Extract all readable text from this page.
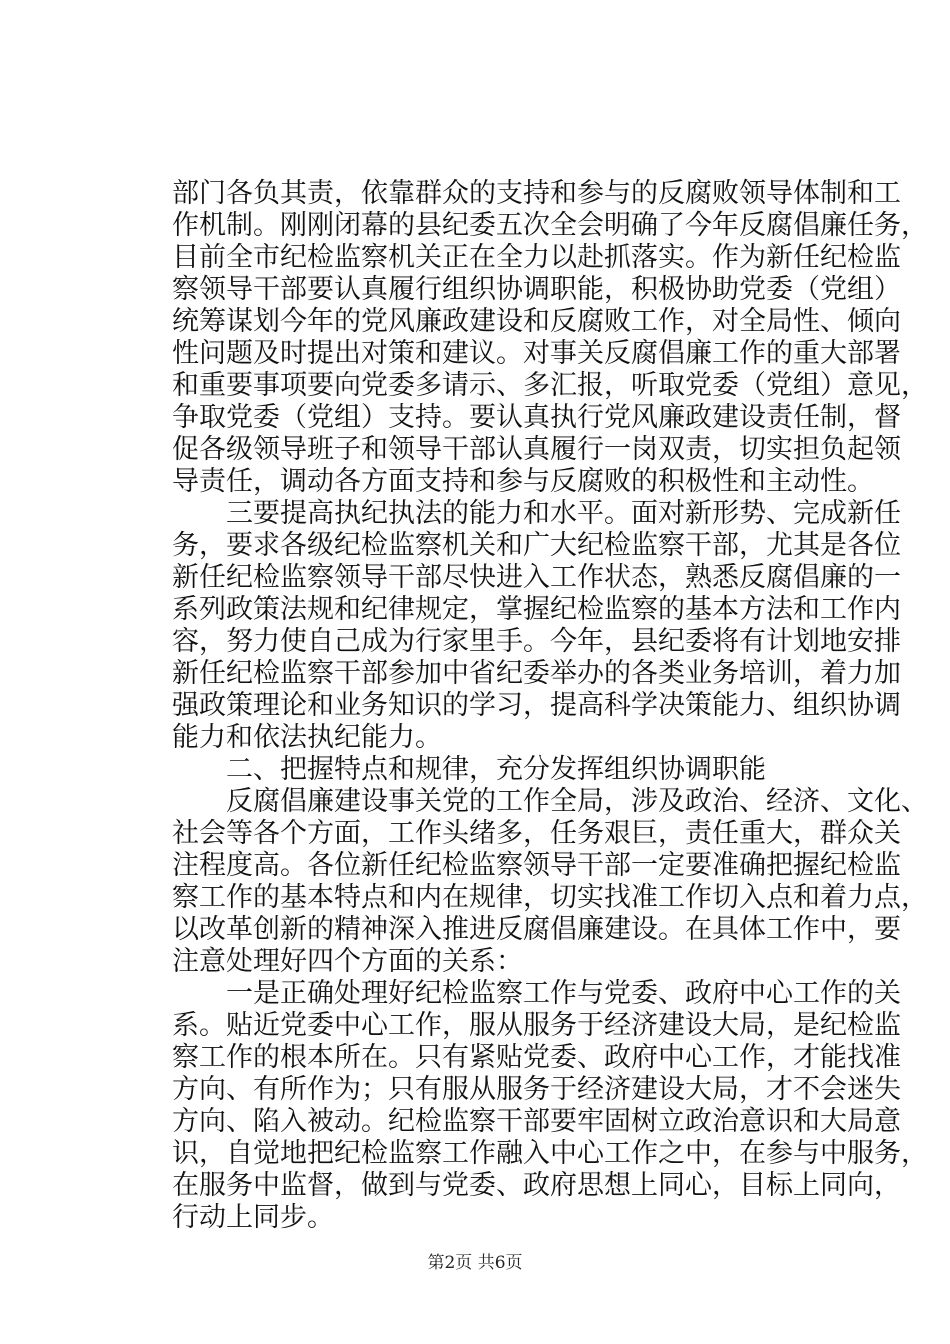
部门各负其责，依靠群众的支持和参与的反腐败领导体制和工
作机制。刚刚闭幕的县纪委五次全会明确了今年反腐倡廉任务，
目前全市纪检监察机关正在全力以赴抓落实。作为新任纪检监
察领导干部要认真履行组织协调职能，积极协助党委（党组）
统筹谋划今年的党风廉政建设和反腐败工作，对全局性、倾向
性问题及时提出对策和建议。对事关反腐倡廉工作的重大部署
和重要事项要向党委多请示、多汇报，听取党委（党组）意见，
争取党委（党组）支持。要认真执行党风廉政建设责任制，督
促各级领导班子和领导干部认真履行一岗双责，切实担负起领
导责任，调动各方面支持和参与反腐败的积极性和主动性。
　　三要提高执纪执法的能力和水平。面对新形势、完成新任
务，要求各级纪检监察机关和广大纪检监察干部，尤其是各位
新任纪检监察领导干部尽快进入工作状态，熟悉反腐倡廉的一
系列政策法规和纪律规定，掌握纪检监察的基本方法和工作内
容，努力使自己成为行家里手。今年，县纪委将有计划地安排
新任纪检监察干部参加中省纪委举办的各类业务培训，着力加
强政策理论和业务知识的学习，提高科学决策能力、组织协调
能力和依法执纪能力。
　　二、把握特点和规律，充分发挥组织协调职能
　　反腐倡廉建设事关党的工作全局，涉及政治、经济、文化、
社会等各个方面，工作头绪多，任务艰巨，责任重大，群众关
注程度高。各位新任纪检监察领导干部一定要准确把握纪检监
察工作的基本特点和内在规律，切实找准工作切入点和着力点，
以改革创新的精神深入推进反腐倡廉建设。在具体工作中，要
注意处理好四个方面的关系：
　　一是正确处理好纪检监察工作与党委、政府中心工作的关
系。贴近党委中心工作，服从服务于经济建设大局，是纪检监
察工作的根本所在。只有紧贴党委、政府中心工作，才能找准
方向、有所作为；只有服从服务于经济建设大局，才不会迷失
方向、陷入被动。纪检监察干部要牢固树立政治意识和大局意
识，自觉地把纪检监察工作融入中心工作之中，在参与中服务，
在服务中监督，做到与党委、政府思想上同心，目标上同向，
行动上同步。
第2页 共6页
